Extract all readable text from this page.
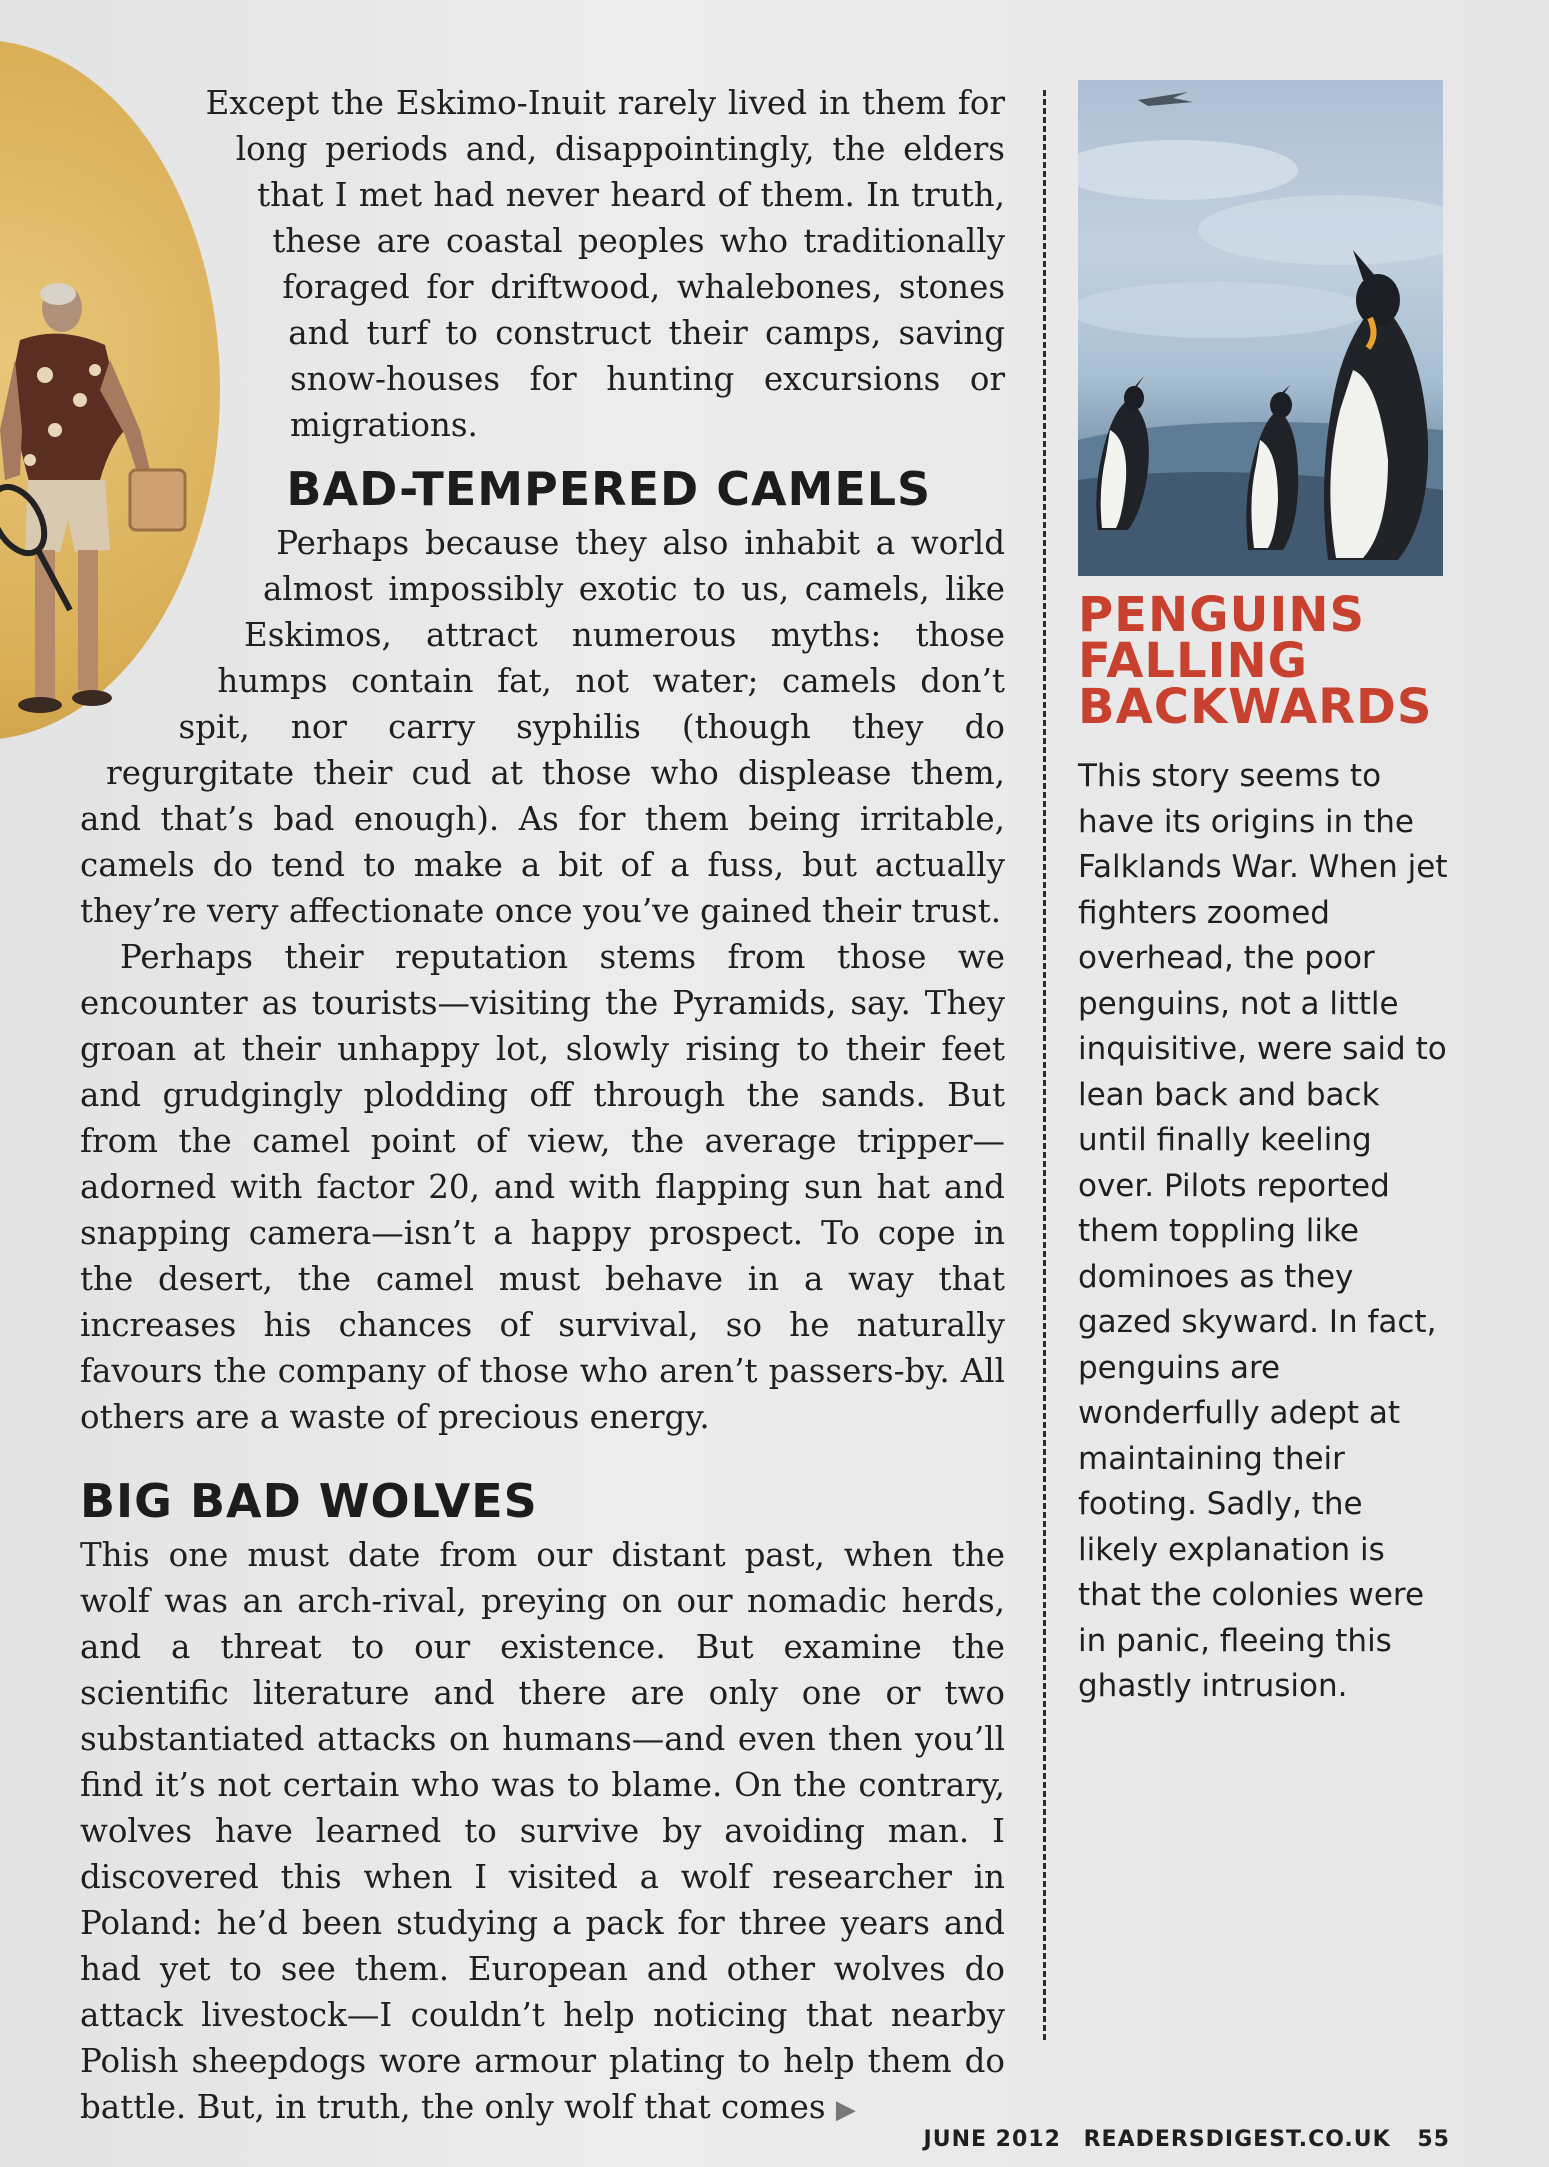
Except the Eskimo-Inuit rarely lived in them for long periods and, disappointingly, the elders that I met had never heard of them. In truth, these are coastal peoples who traditionally foraged for driftwood, whalebones, stones and turf to construct their camps, saving snow-houses for hunting excursions or migrations.

BAD-TEMPERED CAMELS

Perhaps because they also inhabit a world almost impossibly exotic to us, camels, like Eskimos, attract numerous myths: those humps contain fat, not water; camels don’t spit, nor carry syphilis (though they do regurgitate their cud at those who displease them, and that’s bad enough). As for them being irritable, camels do tend to make a bit of a fuss, but actually they’re very affectionate once you’ve gained their trust.

Perhaps their reputation stems from those we encounter as tourists—visiting the Pyramids, say. They groan at their unhappy lot, slowly rising to their feet and grudgingly plodding off through the sands. But from the camel point of view, the average tripper—adorned with factor 20, and with flapping sun hat and snapping camera—isn’t a happy prospect. To cope in the desert, the camel must behave in a way that increases his chances of survival, so he naturally favours the company of those who aren’t passers-by. All others are a waste of precious energy.

BIG BAD WOLVES

This one must date from our distant past, when the wolf was an arch-rival, preying on our nomadic herds, and a threat to our existence. But examine the scientific literature and there are only one or two substantiated attacks on humans—and even then you’ll find it’s not certain who was to blame. On the contrary, wolves have learned to survive by avoiding man. I discovered this when I visited a wolf researcher in Poland: he’d been studying a pack for three years and had yet to see them. European and other wolves do attack livestock—I couldn’t help noticing that nearby Polish sheepdogs wore armour plating to help them do battle. But, in truth, the only wolf that comes ▶

PENGUINS FALLING BACKWARDS

This story seems to have its origins in the Falklands War. When jet fighters zoomed overhead, the poor penguins, not a little inquisitive, were said to lean back and back until finally keeling over. Pilots reported them toppling like dominoes as they gazed skyward. In fact, penguins are wonderfully adept at maintaining their footing. Sadly, the likely explanation is that the colonies were in panic, fleeing this ghastly intrusion.

JUNE 2012 READERSDIGEST.CO.UK 55
